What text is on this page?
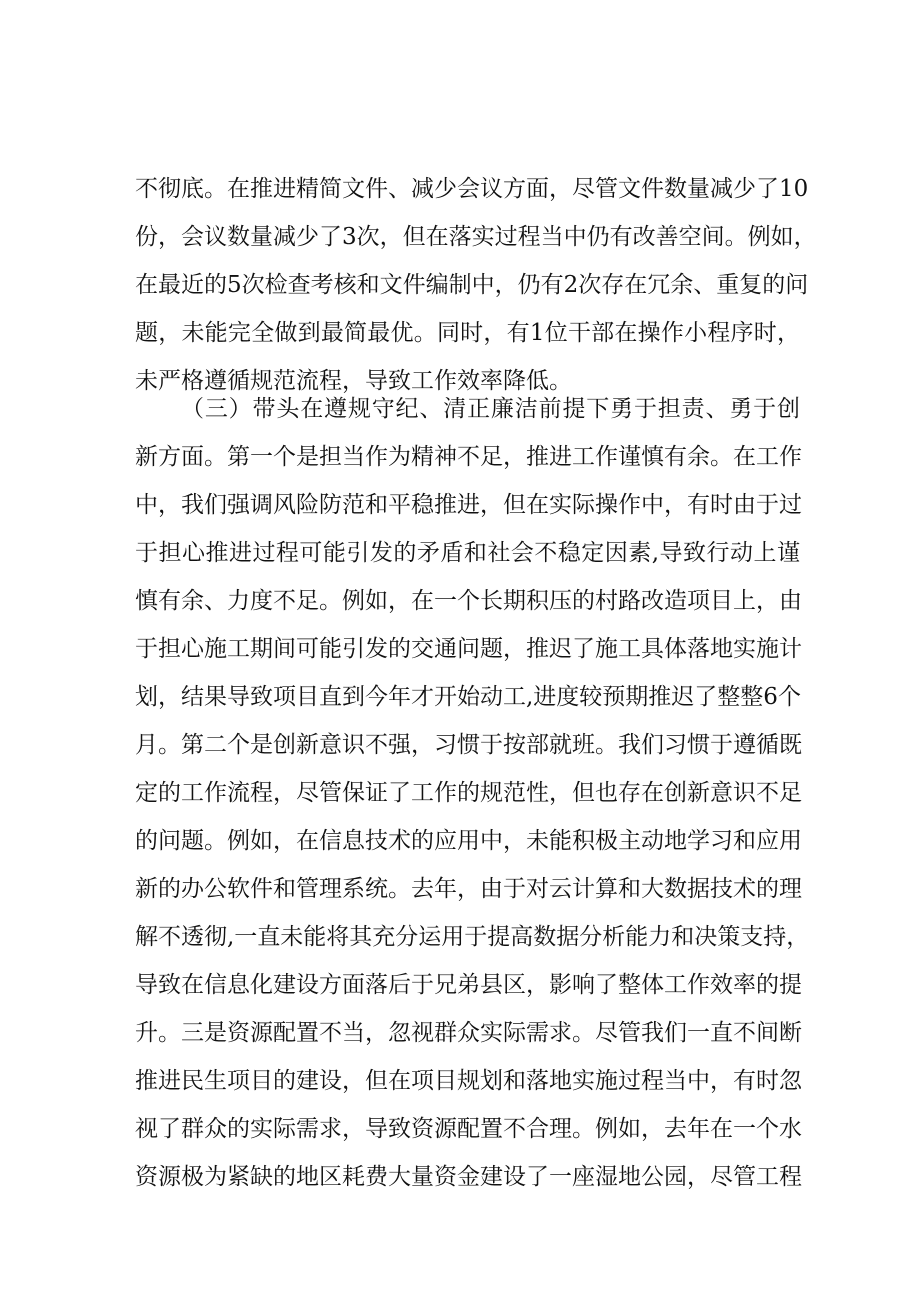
不彻底。在推进精简文件、减少会议方面，尽管文件数量减少了10
份，会议数量减少了3次，但在落实过程当中仍有改善空间。例如，
在最近的5次检查考核和文件编制中，仍有2次存在冗余、重复的问
题，未能完全做到最简最优。同时，有1位干部在操作小程序时，
未严格遵循规范流程，导致工作效率降低。
（三）带头在遵规守纪、清正廉洁前提下勇于担责、勇于创
新方面。第一个是担当作为精神不足，推进工作谨慎有余。在工作
中，我们强调风险防范和平稳推进，但在实际操作中，有时由于过
于担心推进过程可能引发的矛盾和社会不稳定因素,导致行动上谨
慎有余、力度不足。例如，在一个长期积压的村路改造项目上，由
于担心施工期间可能引发的交通问题，推迟了施工具体落地实施计
划，结果导致项目直到今年才开始动工,进度较预期推迟了整整6个
月。第二个是创新意识不强，习惯于按部就班。我们习惯于遵循既
定的工作流程，尽管保证了工作的规范性，但也存在创新意识不足
的问题。例如，在信息技术的应用中，未能积极主动地学习和应用
新的办公软件和管理系统。去年，由于对云计算和大数据技术的理
解不透彻,一直未能将其充分运用于提高数据分析能力和决策支持，
导致在信息化建设方面落后于兄弟县区，影响了整体工作效率的提
升。三是资源配置不当，忽视群众实际需求。尽管我们一直不间断
推进民生项目的建设，但在项目规划和落地实施过程当中，有时忽
视了群众的实际需求，导致资源配置不合理。例如，去年在一个水
资源极为紧缺的地区耗费大量资金建设了一座湿地公园，尽管工程
